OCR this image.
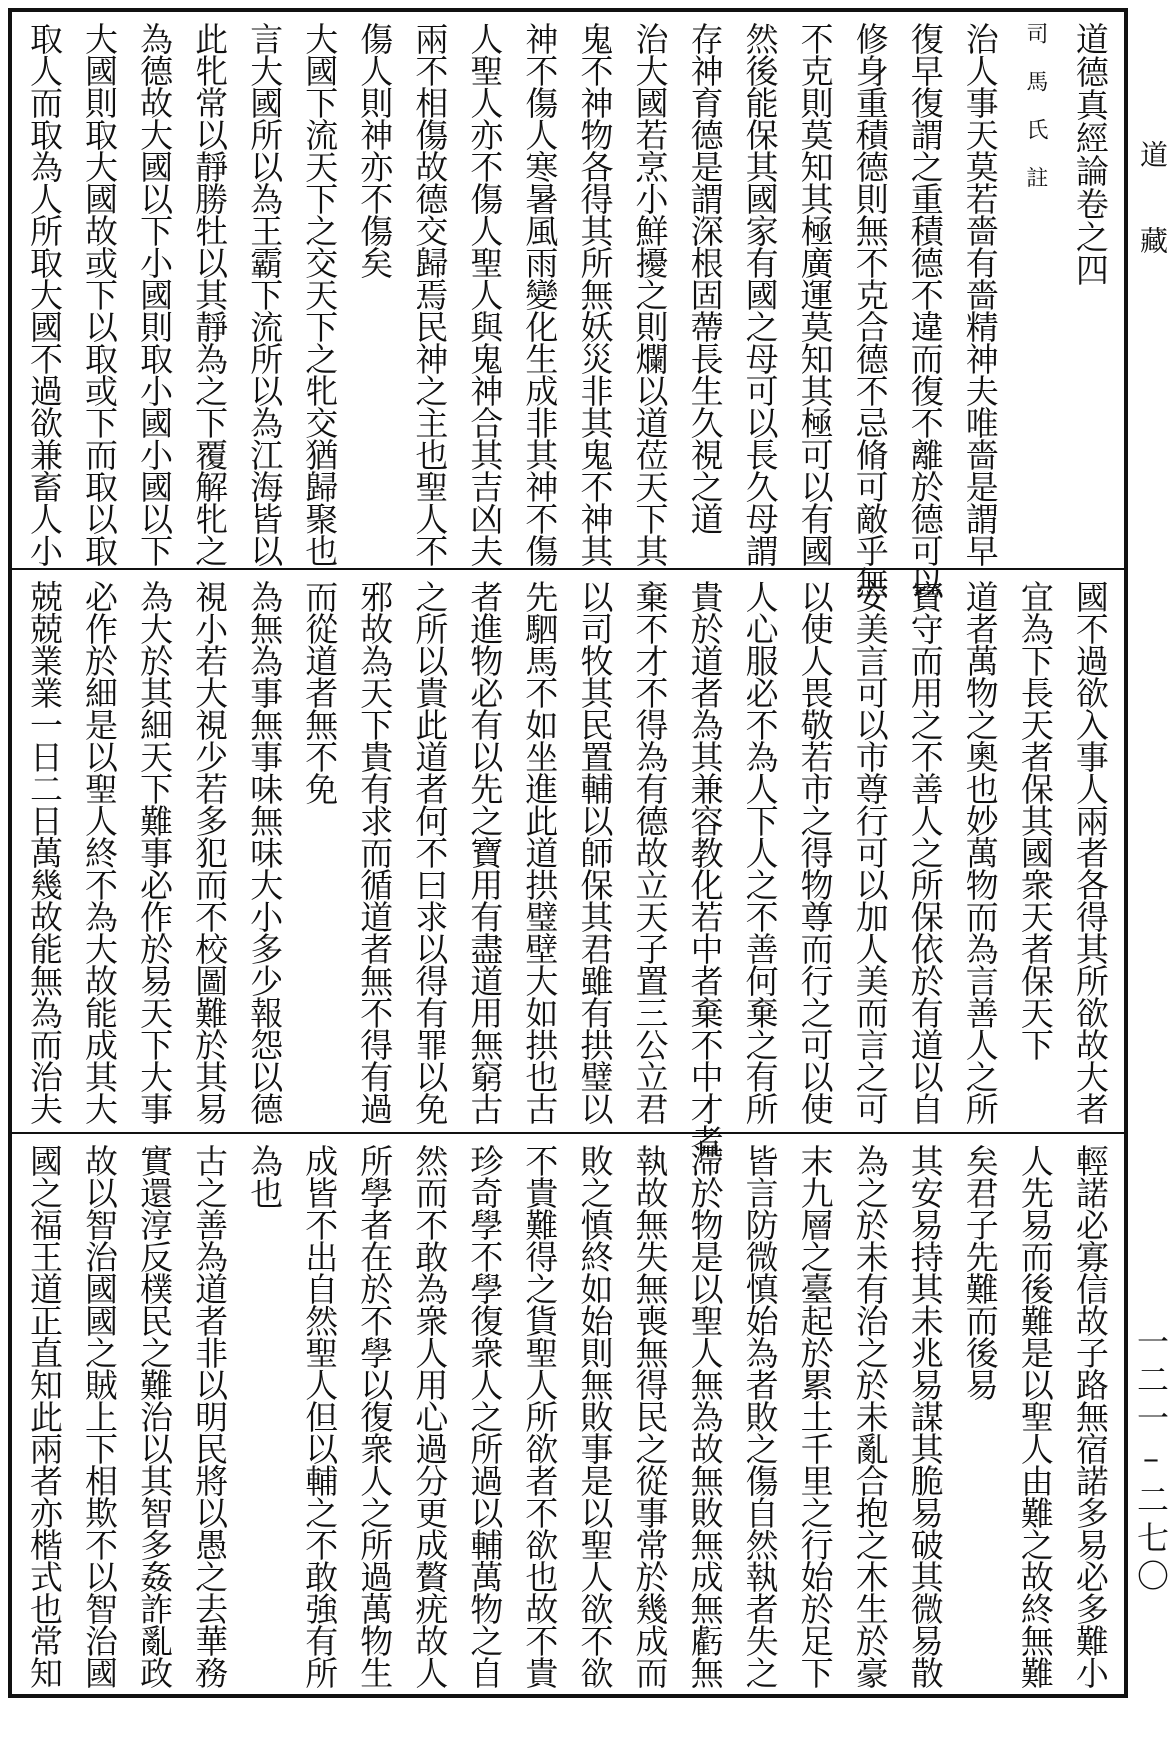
道德真經論卷之四
司　馬　氏　註
治人事天莫若嗇有嗇精神夫唯嗇是謂早
復早復謂之重積德不違而復不離於德可以
修身重積德則無不克合德不忌脩可敵乎無
不克則莫知其極廣運莫知其極可以有國
然後能保其國家有國之母可以長久母謂
存神育德是謂深根固蔕長生久視之道
治大國若烹小鮮擾之則爛以道莅天下其
鬼不神物各得其所無妖災非其鬼不神其
神不傷人寒暑風雨變化生成非其神不傷
人聖人亦不傷人聖人與鬼神合其吉凶夫
兩不相傷故德交歸焉民神之主也聖人不
傷人則神亦不傷矣
大國下流天下之交天下之牝交猶歸聚也
言大國所以為王霸下流所以為江海皆以
此牝常以靜勝牡以其靜為之下覆解牝之
為德故大國以下小國則取小國小國以下
大國則取大國故或下以取或下而取以取
取人而取為人所取大國不過欲兼畜人小
國不過欲入事人兩者各得其所欲故大者
宜為下長天者保其國衆天者保天下
道者萬物之奧也妙萬物而為言善人之所
寶守而用之不善人之所保依於有道以自
安美言可以市尊行可以加人美而言之可
以使人畏敬若市之得物尊而行之可以使
人心服必不為人下人之不善何棄之有所
貴於道者為其兼容教化若中者棄不中才者
棄不才不得為有德故立天子置三公立君
以司牧其民置輔以師保其君雖有拱璧以
先駟馬不如坐進此道拱璧壁大如拱也古
者進物必有以先之寶用有盡道用無窮古
之所以貴此道者何不曰求以得有罪以免
邪故為天下貴有求而循道者無不得有過
而從道者無不免
為無為事無事味無味大小多少報怨以德
視小若大視少若多犯而不校圖難於其易
為大於其細天下難事必作於易天下大事
必作於細是以聖人終不為大故能成其大
兢兢業業一日二日萬幾故能無為而治夫
輕諾必寡信故子路無宿諾多易必多難小
人先易而後難是以聖人由難之故終無難
矣君子先難而後易
其安易持其未兆易謀其脆易破其微易散
為之於未有治之於未亂合抱之木生於豪
末九層之臺起於累土千里之行始於足下
皆言防微慎始為者敗之傷自然執者失之
滯於物是以聖人無為故無敗無成無虧無
執故無失無喪無得民之從事常於幾成而
敗之慎終如始則無敗事是以聖人欲不欲
不貴難得之貨聖人所欲者不欲也故不貴
珍奇學不學復衆人之所過以輔萬物之自
然而不敢為衆人用心過分更成贅疣故人
所學者在於不學以復衆人之所過萬物生
成皆不出自然聖人但以輔之不敢強有所
為也
古之善為道者非以明民將以愚之去華務
實還淳反樸民之難治以其智多姦詐亂政
故以智治國國之賊上下相欺不以智治國
國之福王道正直知此兩者亦楷式也常知
道藏
一二一–二七〇
